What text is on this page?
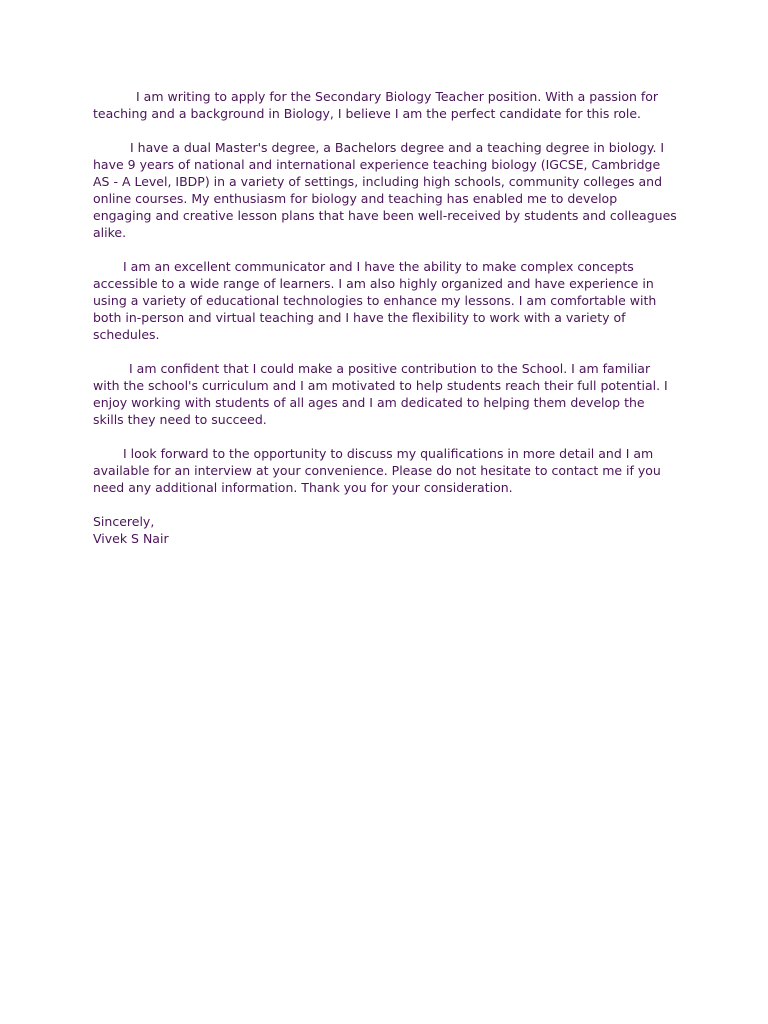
I am writing to apply for the Secondary Biology Teacher position. With a passion for teaching and a background in Biology, I believe I am the perfect candidate for this role.

I have a dual Master's degree, a Bachelors degree and a teaching degree in biology. I have 9 years of national and international experience teaching biology (IGCSE, Cambridge AS - A Level, IBDP) in a variety of settings, including high schools, community colleges and online courses. My enthusiasm for biology and teaching has enabled me to develop engaging and creative lesson plans that have been well-received by students and colleagues alike.

I am an excellent communicator and I have the ability to make complex concepts accessible to a wide range of learners. I am also highly organized and have experience in using a variety of educational technologies to enhance my lessons. I am comfortable with both in-person and virtual teaching and I have the flexibility to work with a variety of schedules.

I am confident that I could make a positive contribution to the School. I am familiar with the school's curriculum and I am motivated to help students reach their full potential. I enjoy working with students of all ages and I am dedicated to helping them develop the skills they need to succeed.

I look forward to the opportunity to discuss my qualifications in more detail and I am available for an interview at your convenience. Please do not hesitate to contact me if you need any additional information. Thank you for your consideration.

Sincerely,

Vivek S Nair
